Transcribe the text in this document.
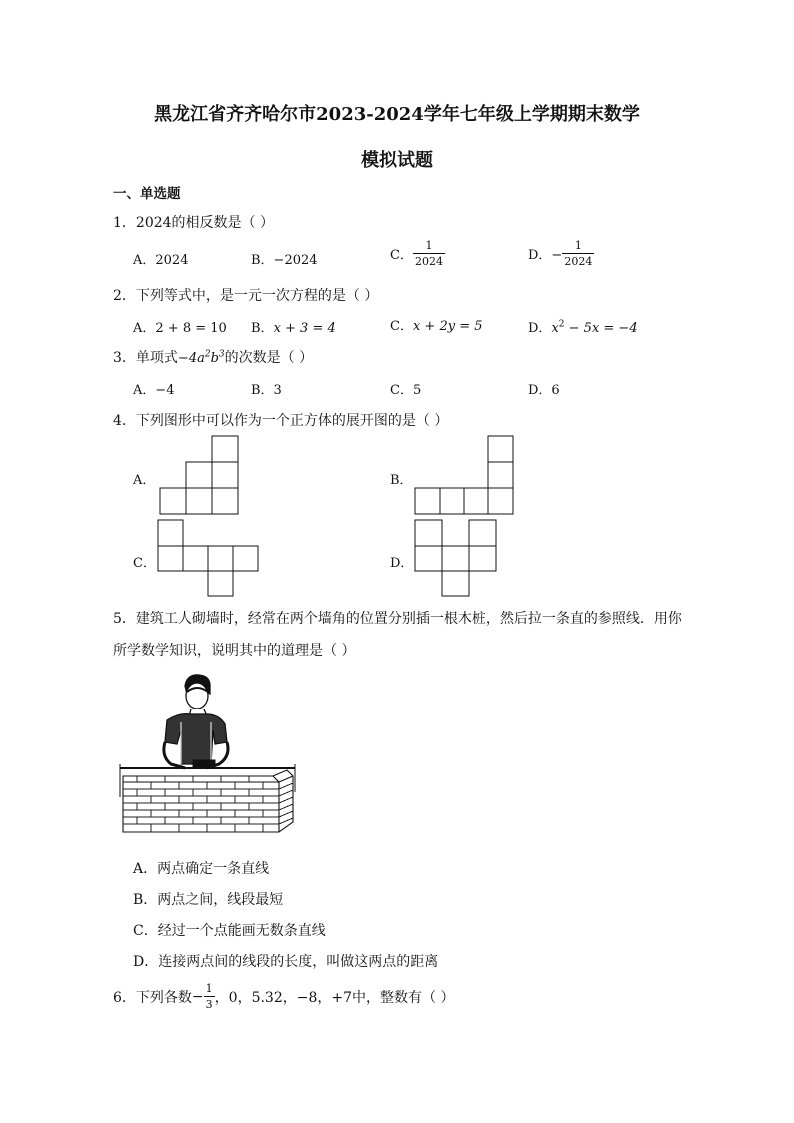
黑龙江省齐齐哈尔市2023-2024学年七年级上学期期末数学
模拟试题
一、单选题
1．2024的相反数是（ ）
A．2024	B．−2024	C． $\frac{1}{2024}$	D．− $\frac{1}{2024}$
2．下列等式中，是一元一次方程的是（ ）
A．2 + 8 = 10 B．x + 3 = 4	C．x + 2y = 5	D．$x^2 - 5x = -4$
3．单项式$-4a^2b^3$的次数是（ ）
A．−4	B．3	C．5	D．6
4．下列图形中可以作为一个正方体的展开图的是（ ）
A．	B．
C．	D．
5．建筑工人砌墙时，经常在两个墙角的位置分别插一根木桩，然后拉一条直的参照线．用你
所学数学知识，说明其中的道理是（ ）
A．两点确定一条直线
B．两点之间，线段最短
C．经过一个点能画无数条直线
D．连接两点间的线段的长度，叫做这两点的距离
6．下列各数 − $\frac{1}{3}$ ，0，5.32，−8，+7中，整数有（ ）
